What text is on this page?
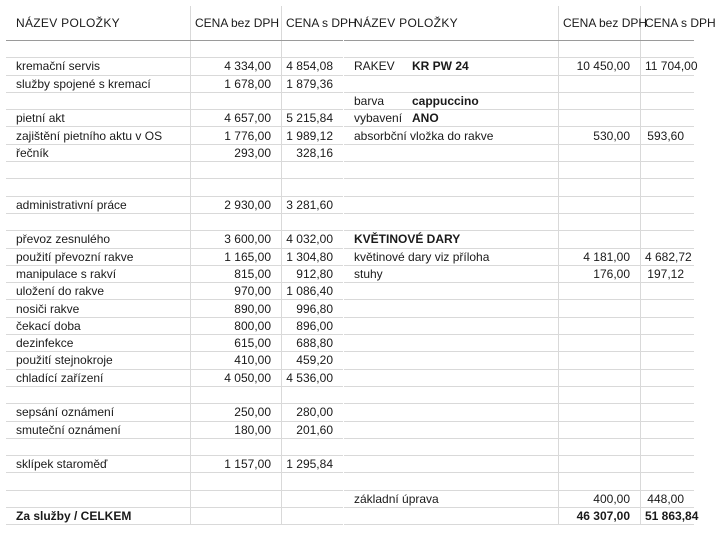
NÁZEV POLOŽKY	CENA bez DPH	CENA s DPH

kremační servis	4 334,00	4 854,08
služby spojené s kremací	1 678,00	1 879,36

pietní akt	4 657,00	5 215,84
zajištění pietního aktu v OS	1 776,00	1 989,12
řečník	293,00	328,16

administrativní práce	2 930,00	3 281,60

převoz zesnulého	3 600,00	4 032,00
použití převozní rakve	1 165,00	1 304,80
manipulace s rakví	815,00	912,80
uložení do rakve	970,00	1 086,40
nosiči rakve	890,00	996,80
čekací doba	800,00	896,00
dezinfekce	615,00	688,80
použití stejnokroje	410,00	459,20
chladící zařízení	4 050,00	4 536,00

sepsání oznámení	250,00	280,00
smuteční oznámení	180,00	201,60

sklípek staroměď	1 157,00	1 295,84

Za služby / CELKEM		
NÁZEV POLOŽKY	CENA bez DPH	CENA s DPH

RAKEV KR PW 24	10 450,00	11 704,00

barva cappuccino		
vybavení ANO		
absorbční vložka do rakve	530,00	593,60

KVĚTINOVÉ DARY		
květinové dary viz příloha	4 181,00	4 682,72
stuhy	176,00	197,12

základní úprava	400,00	448,00
	46 307,00	51 863,84
